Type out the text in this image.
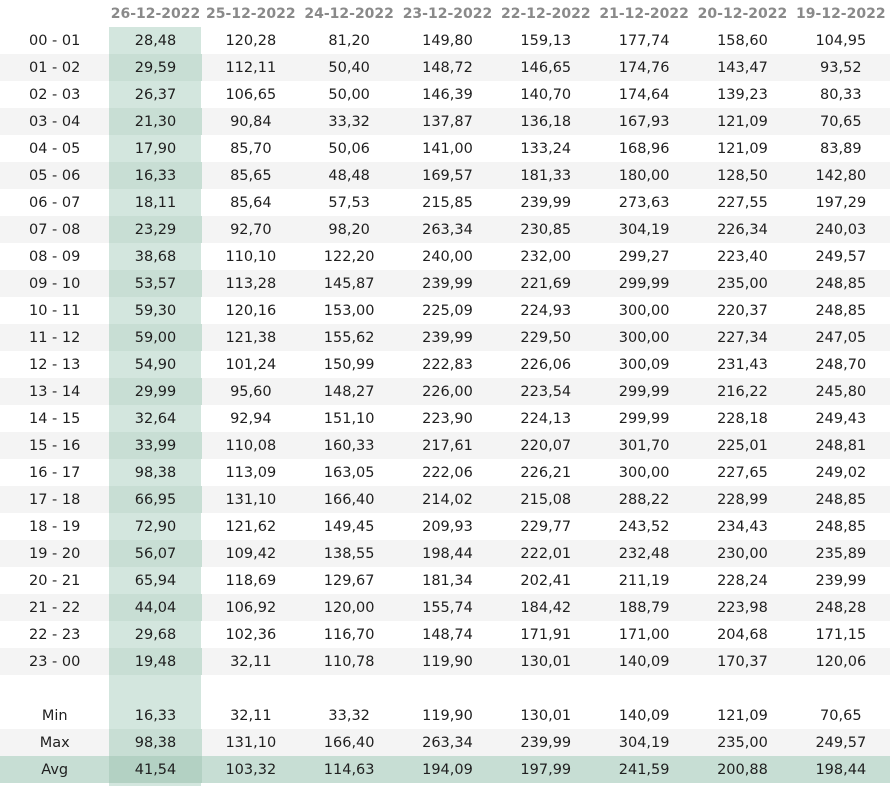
	26-12-2022	25-12-2022	24-12-2022	23-12-2022	22-12-2022	21-12-2022	20-12-2022	19-12-2022
00 - 01	28,48	120,28	81,20	149,80	159,13	177,74	158,60	104,95
01 - 02	29,59	112,11	50,40	148,72	146,65	174,76	143,47	93,52
02 - 03	26,37	106,65	50,00	146,39	140,70	174,64	139,23	80,33
03 - 04	21,30	90,84	33,32	137,87	136,18	167,93	121,09	70,65
04 - 05	17,90	85,70	50,06	141,00	133,24	168,96	121,09	83,89
05 - 06	16,33	85,65	48,48	169,57	181,33	180,00	128,50	142,80
06 - 07	18,11	85,64	57,53	215,85	239,99	273,63	227,55	197,29
07 - 08	23,29	92,70	98,20	263,34	230,85	304,19	226,34	240,03
08 - 09	38,68	110,10	122,20	240,00	232,00	299,27	223,40	249,57
09 - 10	53,57	113,28	145,87	239,99	221,69	299,99	235,00	248,85
10 - 11	59,30	120,16	153,00	225,09	224,93	300,00	220,37	248,85
11 - 12	59,00	121,38	155,62	239,99	229,50	300,00	227,34	247,05
12 - 13	54,90	101,24	150,99	222,83	226,06	300,09	231,43	248,70
13 - 14	29,99	95,60	148,27	226,00	223,54	299,99	216,22	245,80
14 - 15	32,64	92,94	151,10	223,90	224,13	299,99	228,18	249,43
15 - 16	33,99	110,08	160,33	217,61	220,07	301,70	225,01	248,81
16 - 17	98,38	113,09	163,05	222,06	226,21	300,00	227,65	249,02
17 - 18	66,95	131,10	166,40	214,02	215,08	288,22	228,99	248,85
18 - 19	72,90	121,62	149,45	209,93	229,77	243,52	234,43	248,85
19 - 20	56,07	109,42	138,55	198,44	222,01	232,48	230,00	235,89
20 - 21	65,94	118,69	129,67	181,34	202,41	211,19	228,24	239,99
21 - 22	44,04	106,92	120,00	155,74	184,42	188,79	223,98	248,28
22 - 23	29,68	102,36	116,70	148,74	171,91	171,00	204,68	171,15
23 - 00	19,48	32,11	110,78	119,90	130,01	140,09	170,37	120,06

Min	16,33	32,11	33,32	119,90	130,01	140,09	121,09	70,65
Max	98,38	131,10	166,40	263,34	239,99	304,19	235,00	249,57
Avg	41,54	103,32	114,63	194,09	197,99	241,59	200,88	198,44
